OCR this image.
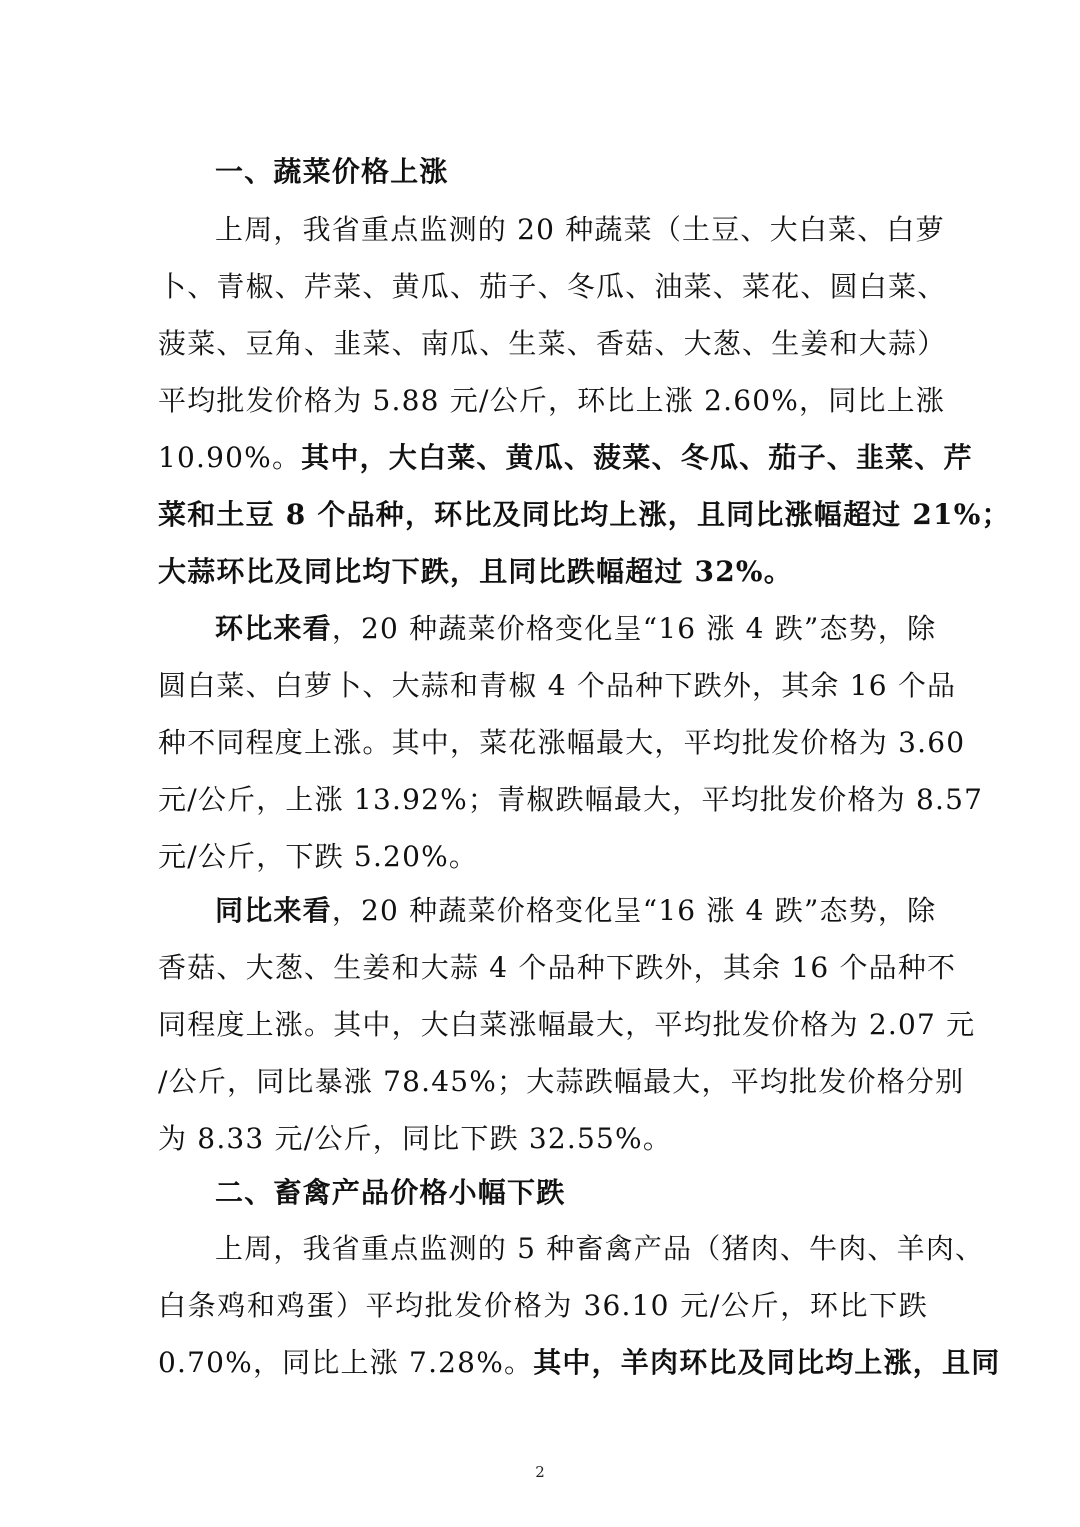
一、蔬菜价格上涨
上周，我省重点监测的 20 种蔬菜（土豆、大白菜、白萝
卜、青椒、芹菜、黄瓜、茄子、冬瓜、油菜、菜花、圆白菜、
菠菜、豆角、韭菜、南瓜、生菜、香菇、大葱、生姜和大蒜）
平均批发价格为 5.88 元/公斤，环比上涨 2.60%，同比上涨
10.90%。其中，大白菜、黄瓜、菠菜、冬瓜、茄子、韭菜、芹
菜和土豆 8 个品种，环比及同比均上涨，且同比涨幅超过 21%；
大蒜环比及同比均下跌，且同比跌幅超过 32%。
环比来看，20 种蔬菜价格变化呈“16 涨 4 跌”态势，除
圆白菜、白萝卜、大蒜和青椒 4 个品种下跌外，其余 16 个品
种不同程度上涨。其中，菜花涨幅最大，平均批发价格为 3.60
元/公斤，上涨 13.92%；青椒跌幅最大，平均批发价格为 8.57
元/公斤，下跌 5.20%。
同比来看，20 种蔬菜价格变化呈“16 涨 4 跌”态势，除
香菇、大葱、生姜和大蒜 4 个品种下跌外，其余 16 个品种不
同程度上涨。其中，大白菜涨幅最大，平均批发价格为 2.07 元
/公斤，同比暴涨 78.45%；大蒜跌幅最大，平均批发价格分别
为 8.33 元/公斤，同比下跌 32.55%。
二、畜禽产品价格小幅下跌
上周，我省重点监测的 5 种畜禽产品（猪肉、牛肉、羊肉、
白条鸡和鸡蛋）平均批发价格为 36.10 元/公斤，环比下跌
0.70%，同比上涨 7.28%。其中，羊肉环比及同比均上涨，且同
2
